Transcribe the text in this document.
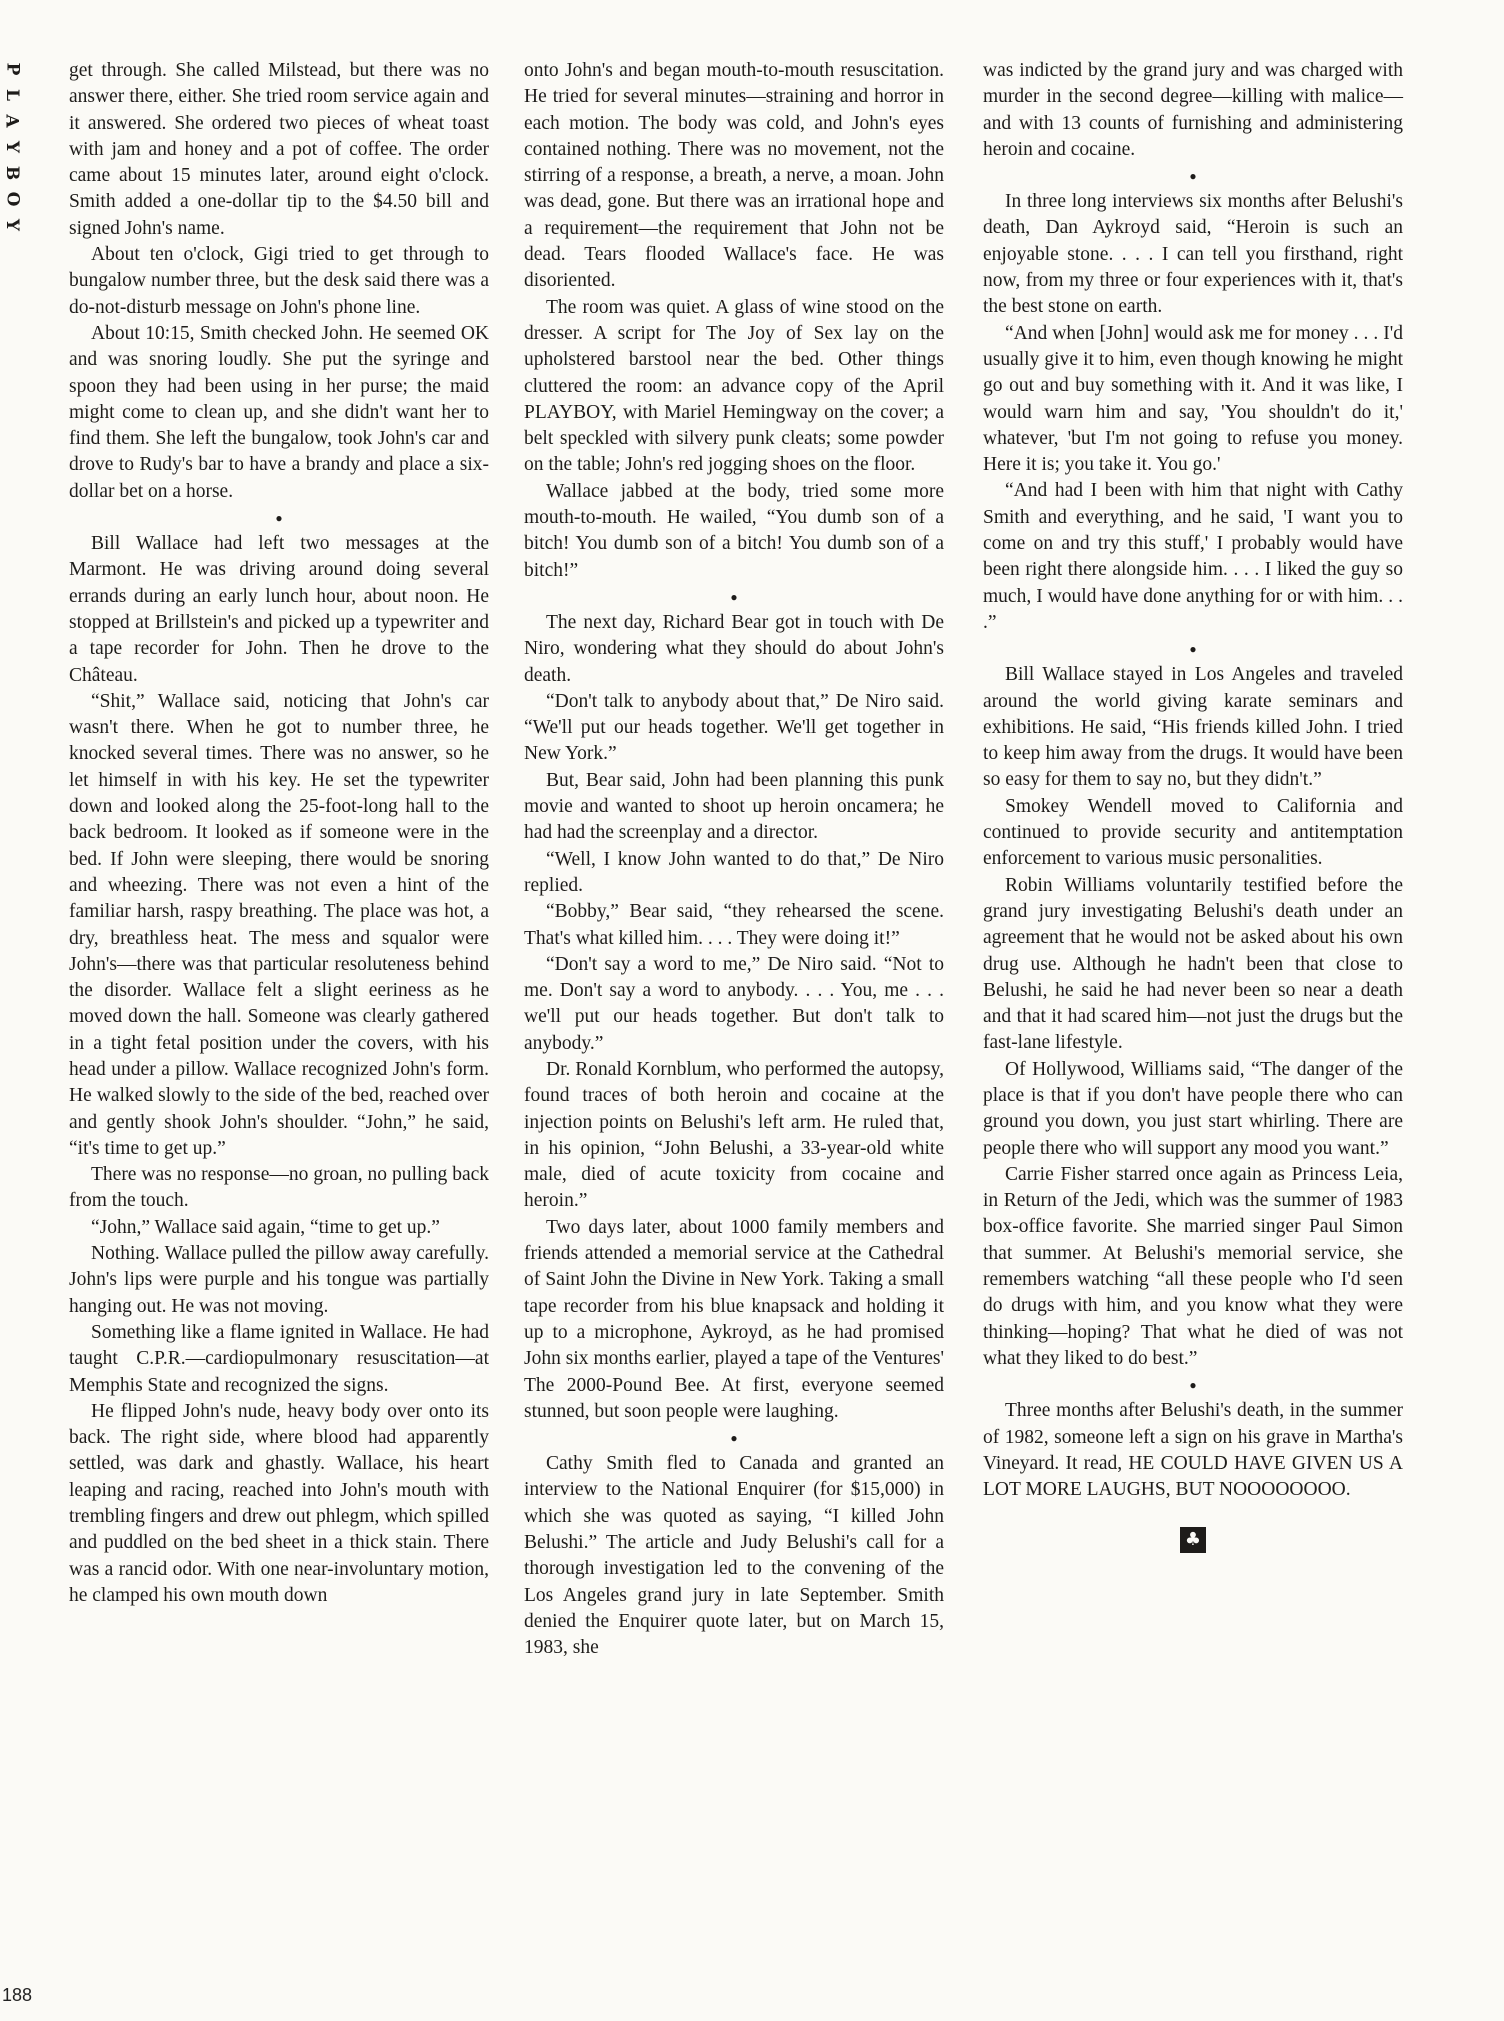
P
L
A
Y
B
O
Y
188

get through. She called Milstead, but there was no answer there, either. She tried room service again and it answered. She ordered two pieces of wheat toast with jam and honey and a pot of coffee. The order came about 15 minutes later, around eight o'clock. Smith added a one-dollar tip to the $4.50 bill and signed John's name.

About ten o'clock, Gigi tried to get through to bungalow number three, but the desk said there was a do-not-disturb message on John's phone line.

About 10:15, Smith checked John. He seemed OK and was snoring loudly. She put the syringe and spoon they had been using in her purse; the maid might come to clean up, and she didn't want her to find them. She left the bungalow, took John's car and drove to Rudy's bar to have a brandy and place a six-dollar bet on a horse.

●

Bill Wallace had left two messages at the Marmont. He was driving around doing several errands during an early lunch hour, about noon. He stopped at Brillstein's and picked up a typewriter and a tape recorder for John. Then he drove to the Château.

“Shit,” Wallace said, noticing that John's car wasn't there. When he got to number three, he knocked several times. There was no answer, so he let himself in with his key. He set the typewriter down and looked along the 25-foot-long hall to the back bedroom. It looked as if someone were in the bed. If John were sleeping, there would be snoring and wheezing. There was not even a hint of the familiar harsh, raspy breathing. The place was hot, a dry, breathless heat. The mess and squalor were John's—there was that particular resoluteness behind the disorder. Wallace felt a slight eeriness as he moved down the hall. Someone was clearly gathered in a tight fetal position under the covers, with his head under a pillow. Wallace recognized John's form. He walked slowly to the side of the bed, reached over and gently shook John's shoulder. “John,” he said, “it's time to get up.”

There was no response—no groan, no pulling back from the touch.

“John,” Wallace said again, “time to get up.”

Nothing. Wallace pulled the pillow away carefully. John's lips were purple and his tongue was partially hanging out. He was not moving.

Something like a flame ignited in Wallace. He had taught C.P.R.—cardiopulmonary resuscitation—at Memphis State and recognized the signs.

He flipped John's nude, heavy body over onto its back. The right side, where blood had apparently settled, was dark and ghastly. Wallace, his heart leaping and racing, reached into John's mouth with trembling fingers and drew out phlegm, which spilled and puddled on the bed sheet in a thick stain. There was a rancid odor. With one near-involuntary motion, he clamped his own mouth down

onto John's and began mouth-to-mouth resuscitation. He tried for several minutes—straining and horror in each motion. The body was cold, and John's eyes contained nothing. There was no movement, not the stirring of a response, a breath, a nerve, a moan. John was dead, gone. But there was an irrational hope and a requirement—the requirement that John not be dead. Tears flooded Wallace's face. He was disoriented.

The room was quiet. A glass of wine stood on the dresser. A script for The Joy of Sex lay on the upholstered barstool near the bed. Other things cluttered the room: an advance copy of the April PLAYBOY, with Mariel Hemingway on the cover; a belt speckled with silvery punk cleats; some powder on the table; John's red jogging shoes on the floor.

Wallace jabbed at the body, tried some more mouth-to-mouth. He wailed, “You dumb son of a bitch! You dumb son of a bitch! You dumb son of a bitch!”

●

The next day, Richard Bear got in touch with De Niro, wondering what they should do about John's death.

“Don't talk to anybody about that,” De Niro said. “We'll put our heads together. We'll get together in New York.”

But, Bear said, John had been planning this punk movie and wanted to shoot up heroin oncamera; he had had the screenplay and a director.

“Well, I know John wanted to do that,” De Niro replied.

“Bobby,” Bear said, “they rehearsed the scene. That's what killed him. . . . They were doing it!”

“Don't say a word to me,” De Niro said. “Not to me. Don't say a word to anybody. . . . You, me . . . we'll put our heads together. But don't talk to anybody.”

Dr. Ronald Kornblum, who performed the autopsy, found traces of both heroin and cocaine at the injection points on Belushi's left arm. He ruled that, in his opinion, “John Belushi, a 33-year-old white male, died of acute toxicity from cocaine and heroin.”

Two days later, about 1000 family members and friends attended a memorial service at the Cathedral of Saint John the Divine in New York. Taking a small tape recorder from his blue knapsack and holding it up to a microphone, Aykroyd, as he had promised John six months earlier, played a tape of the Ventures' The 2000-Pound Bee. At first, everyone seemed stunned, but soon people were laughing.

●

Cathy Smith fled to Canada and granted an interview to the National Enquirer (for $15,000) in which she was quoted as saying, “I killed John Belushi.” The article and Judy Belushi's call for a thorough investigation led to the convening of the Los Angeles grand jury in late September. Smith denied the Enquirer quote later, but on March 15, 1983, she

was indicted by the grand jury and was charged with murder in the second degree—killing with malice—and with 13 counts of furnishing and administering heroin and cocaine.

●

In three long interviews six months after Belushi's death, Dan Aykroyd said, “Heroin is such an enjoyable stone. . . . I can tell you firsthand, right now, from my three or four experiences with it, that's the best stone on earth.

“And when [John] would ask me for money . . . I'd usually give it to him, even though knowing he might go out and buy something with it. And it was like, I would warn him and say, 'You shouldn't do it,' whatever, 'but I'm not going to refuse you money. Here it is; you take it. You go.'

“And had I been with him that night with Cathy Smith and everything, and he said, 'I want you to come on and try this stuff,' I probably would have been right there alongside him. . . . I liked the guy so much, I would have done anything for or with him. . . .”

●

Bill Wallace stayed in Los Angeles and traveled around the world giving karate seminars and exhibitions. He said, “His friends killed John. I tried to keep him away from the drugs. It would have been so easy for them to say no, but they didn't.”

Smokey Wendell moved to California and continued to provide security and antitemptation enforcement to various music personalities.

Robin Williams voluntarily testified before the grand jury investigating Belushi's death under an agreement that he would not be asked about his own drug use. Although he hadn't been that close to Belushi, he said he had never been so near a death and that it had scared him—not just the drugs but the fast-lane lifestyle.

Of Hollywood, Williams said, “The danger of the place is that if you don't have people there who can ground you down, you just start whirling. There are people there who will support any mood you want.”

Carrie Fisher starred once again as Princess Leia, in Return of the Jedi, which was the summer of 1983 box-office favorite. She married singer Paul Simon that summer. At Belushi's memorial service, she remembers watching “all these people who I'd seen do drugs with him, and you know what they were thinking—hoping? That what he died of was not what they liked to do best.”

●

Three months after Belushi's death, in the summer of 1982, someone left a sign on his grave in Martha's Vineyard. It read, HE COULD HAVE GIVEN US A LOT MORE LAUGHS, BUT NOOOOOOOO.

♣
